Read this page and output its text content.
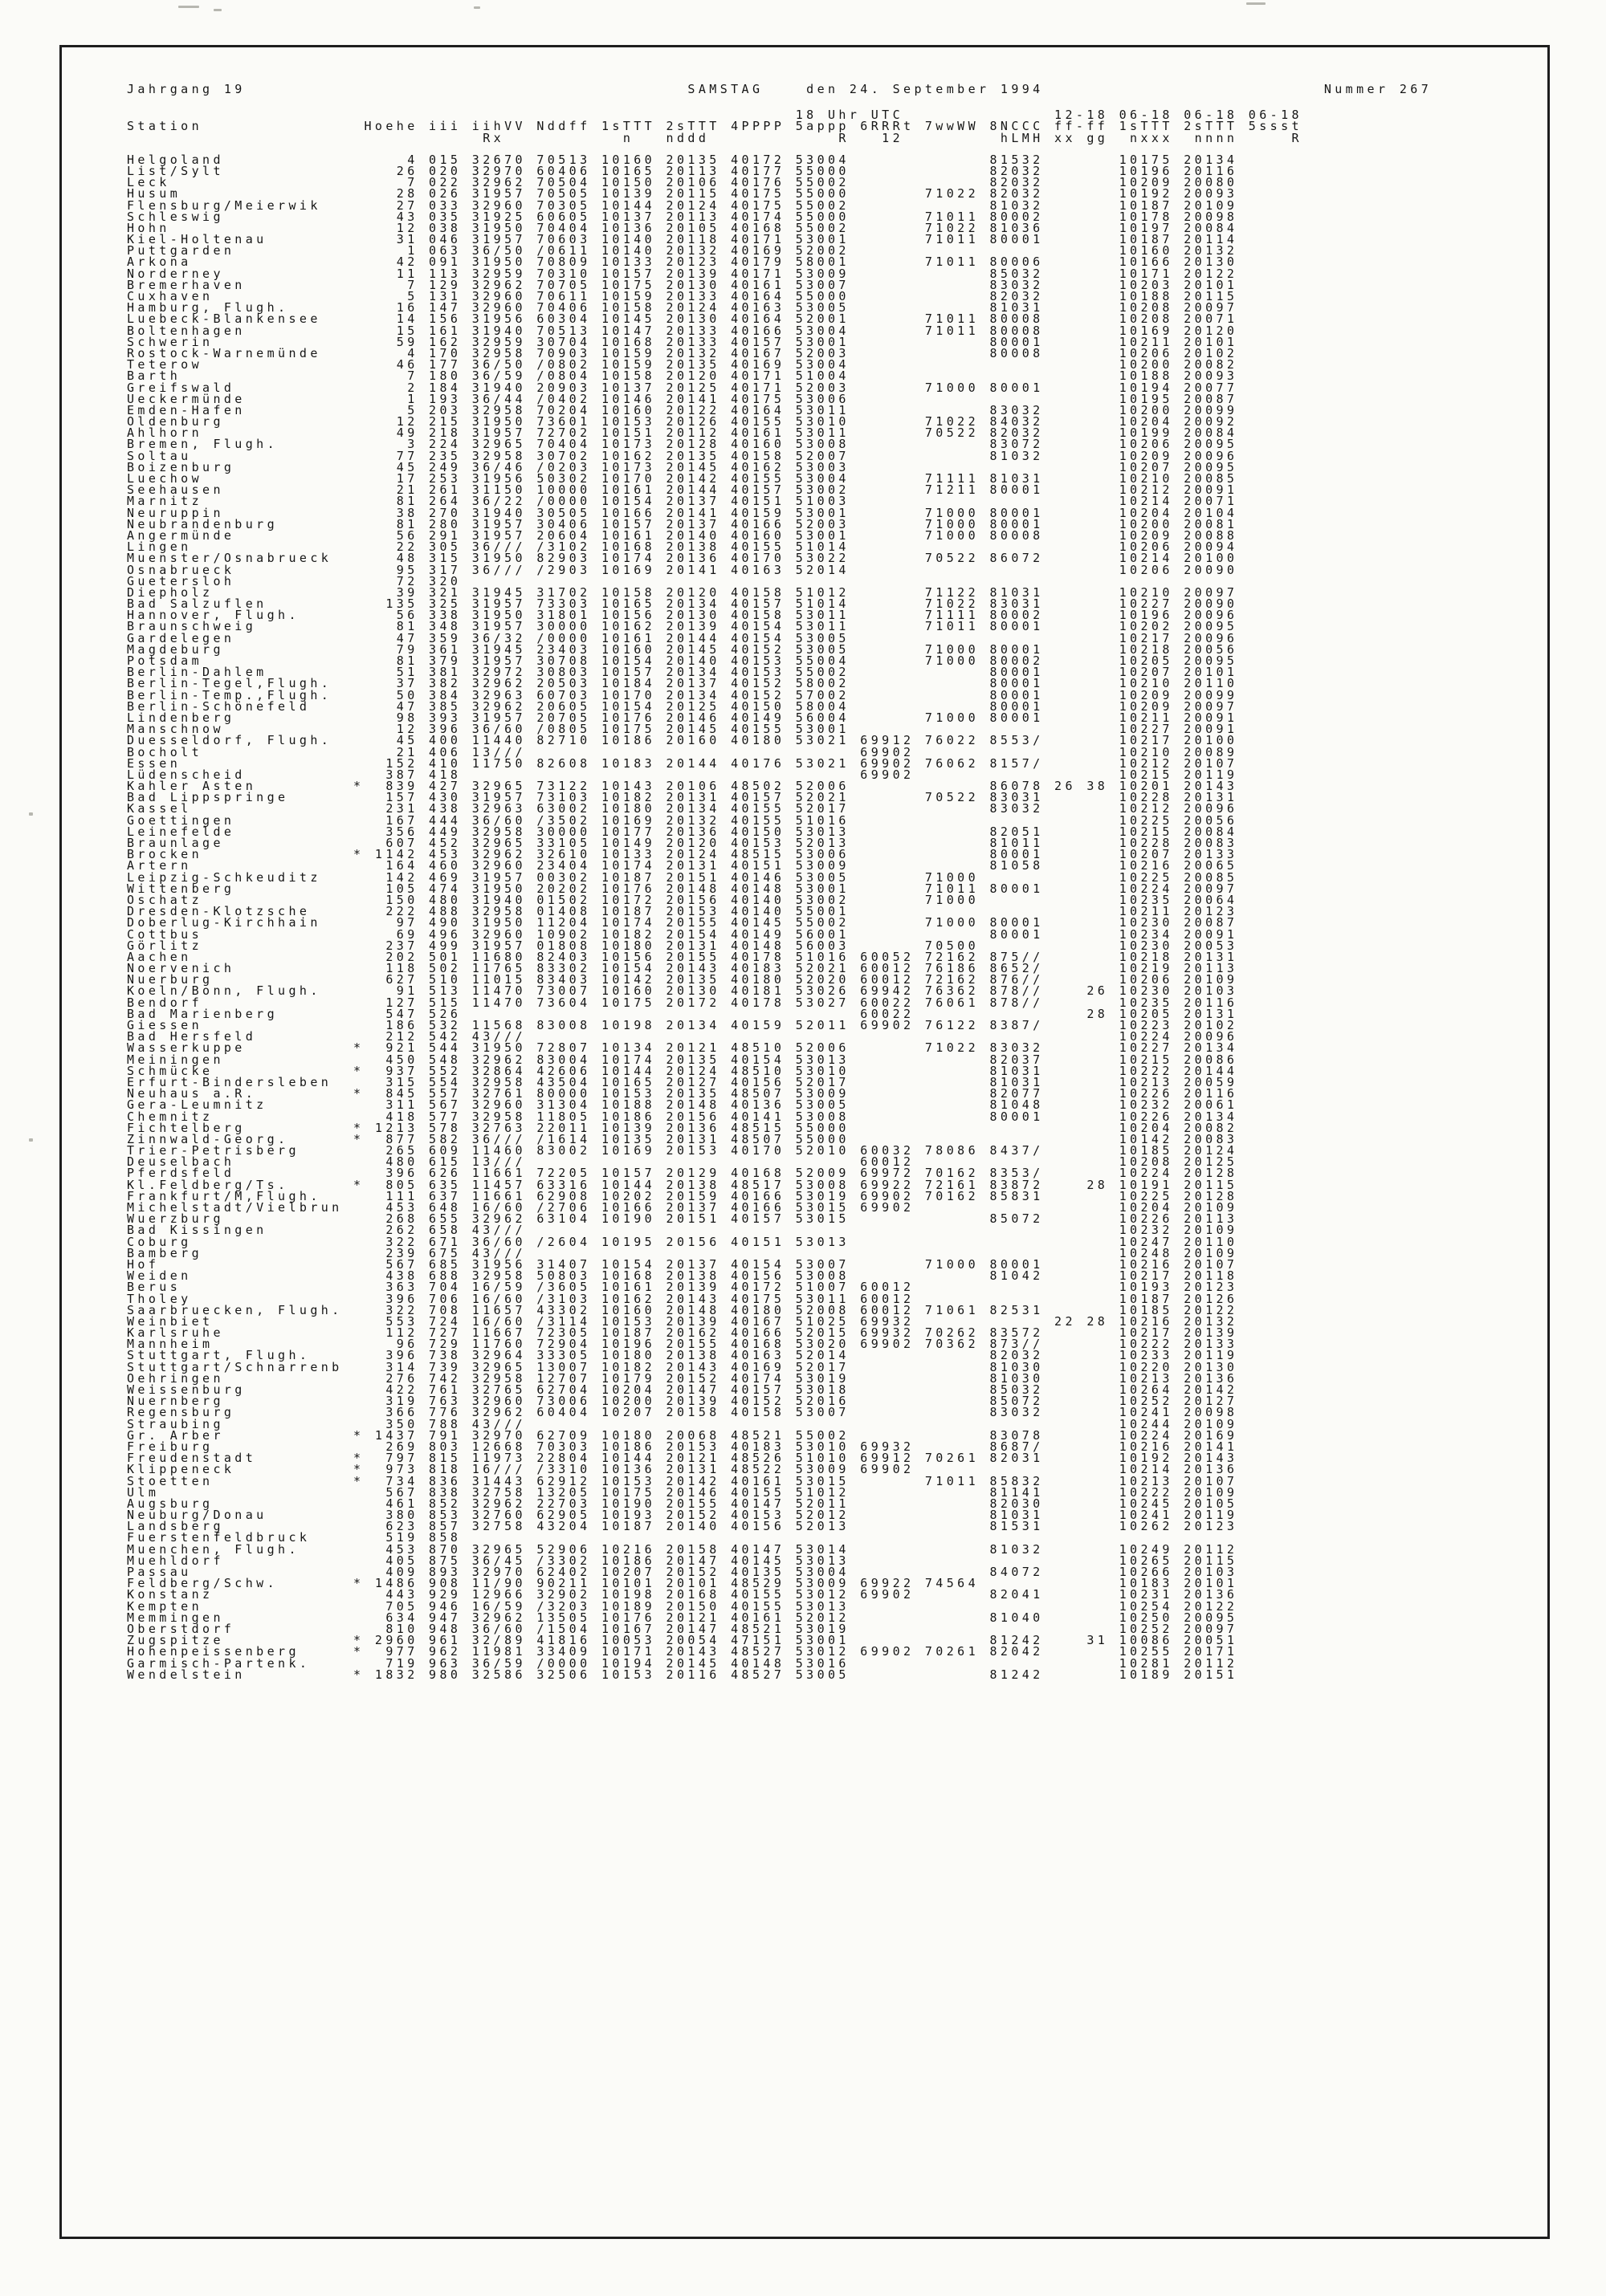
Jahrgang 19                                         SAMSTAG    den 24. September 1994                          Nummer 267
18 Uhr UTC              12-18 06-18 06-18 06-18
Station               Hoehe iii iihVV Nddff 1sTTT 2sTTT 4PPPP 5appp 6RRRt 7wwWW 8NCCC ff-ff 1sTTT 2sTTT 5ssst
Rx           n   nddd            R   12         hLMH xx gg  nxxx  nnnn     R
Helgoland                 4 015 32670 70513 10160 20135 40172 53004             81532       10175 20134
List/Sylt                26 020 32970 60406 10165 20113 40177 55000             82032       10196 20116
Leck                      7 022 32962 70504 10150 20106 40176 55002             82032       10209 20080
Husum                    28 026 31957 70505 10139 20115 40175 55000       71022 82032       10192 20093
Flensburg/Meierwik       27 033 32960 70305 10144 20124 40175 55002             81032       10187 20109
Schleswig                43 035 31925 60605 10137 20113 40174 55000       71011 80002       10178 20098
Hohn                     12 038 31950 70404 10136 20105 40168 55002       71022 81036       10197 20084
Kiel-Holtenau            31 046 31957 70603 10140 20118 40171 53001       71011 80001       10187 20114
Puttgarden                1 063 36/50 /0611 10140 20132 40169 52002                         10160 20132
Arkona                   42 091 31950 70809 10133 20123 40179 58001       71011 80006       10166 20130
Norderney                11 113 32959 70310 10157 20139 40171 53009             85032       10171 20122
Bremerhaven               7 129 32962 70705 10175 20130 40161 53007             83032       10203 20101
Cuxhaven                  5 131 32960 70611 10159 20133 40164 55000             82032       10188 20115
Hamburg, Flugh.          16 147 32960 70406 10158 20124 40163 53005             81031       10208 20097
Luebeck-Blankensee       14 156 31956 60304 10145 20130 40164 52001       71011 80008       10208 20071
Boltenhagen              15 161 31940 70513 10147 20133 40166 53004       71011 80008       10169 20120
Schwerin                 59 162 32959 30704 10168 20133 40157 53001             80001       10211 20101
Rostock-Warnemünde        4 170 32958 70903 10159 20132 40167 52003             80008       10206 20102
Teterow                  46 177 36/50 /0802 10159 20135 40169 53004                         10200 20082
Barth                     7 180 36/59 /0804 10158 20120 40171 51004                         10188 20093
Greifswald                2 184 31940 20903 10137 20125 40171 52003       71000 80001       10194 20077
Ueckermünde               1 193 36/44 /0402 10146 20141 40175 53006                         10195 20087
Emden-Hafen               5 203 32958 70204 10160 20122 40164 53011             83032       10200 20099
Oldenburg                12 215 31950 73601 10153 20126 40155 53010       71022 84032       10204 20092
Ahlhorn                  49 218 31957 72702 10151 20112 40161 53011       70522 82032       10199 20084
Bremen, Flugh.            3 224 32965 70404 10173 20128 40160 53008             83072       10206 20095
Soltau                   77 235 32958 30702 10162 20135 40158 52007             81032       10209 20096
Boizenburg               45 249 36/46 /0203 10173 20145 40162 53003                         10207 20095
Luechow                  17 253 31956 50302 10170 20142 40155 53004       71111 81031       10210 20085
Seehausen                21 261 31150 10000 10161 20144 40157 53002       71211 80001       10212 20091
Marnitz                  81 264 36/22 /0000 10154 20137 40151 51003                         10214 20071
Neuruppin                38 270 31940 30505 10166 20141 40159 53001       71000 80001       10204 20104
Neubrandenburg           81 280 31957 30406 10157 20137 40166 52003       71000 80001       10200 20081
Angermünde               56 291 31957 20604 10161 20140 40160 53001       71000 80008       10209 20088
Lingen                   22 305 36/// /3102 10168 20138 40155 51014                         10206 20094
Muenster/Osnabrueck      48 315 31950 82903 10174 20136 40170 53022       70522 86072       10214 20100
Osnabrueck               95 317 36/// /2903 10169 20141 40163 52014                         10206 20090
Guetersloh               72 320
Diepholz                 39 321 31945 31702 10158 20120 40158 51012       71122 81031       10210 20097
Bad Salzuflen           135 325 31957 73303 10165 20134 40157 51014       71022 83031       10227 20090
Hannover, Flugh.         56 338 31950 31801 10156 20130 40158 53011       71111 80002       10196 20096
Braunschweig             81 348 31957 30000 10162 20139 40154 53011       71011 80001       10202 20095
Gardelegen               47 359 36/32 /0000 10161 20144 40154 53005                         10217 20096
Magdeburg                79 361 31945 23403 10160 20145 40152 53005       71000 80001       10218 20056
Potsdam                  81 379 31957 30708 10154 20140 40153 55004       71000 80002       10205 20095
Berlin-Dahlem            51 381 32972 30803 10157 20134 40153 55002             80001       10207 20101
Berlin-Tegel,Flugh.      37 382 32962 20503 10184 20137 40152 58002             80001       10210 20110
Berlin-Temp.,Flugh.      50 384 32963 60703 10170 20134 40152 57002             80001       10209 20099
Berlin-Schönefeld        47 385 32962 20605 10154 20125 40150 58004             80001       10209 20097
Lindenberg               98 393 31957 20705 10176 20146 40149 56004       71000 80001       10211 20091
Manschnow                12 396 36/60 /0805 10175 20145 40155 53001                         10227 20091
Duesseldorf, Flugh.      45 400 11440 82710 10186 20160 40180 53021 69912 76022 8553/       10217 20100
Bocholt                  21 406 13///                               69902                   10210 20089
Essen                   152 410 11750 82608 10183 20144 40176 53021 69902 76062 8157/       10212 20107
Lüdenscheid             387 418                                     69902                   10215 20119
Kahler Asten         *  839 427 32965 73122 10143 20106 48502 52006             86078 26 38 10201 20143
Bad Lippspringe         157 430 31957 73103 10182 20131 40157 52021       70522 83031       10228 20131
Kassel                  231 438 32963 63002 10180 20134 40155 52017             83032       10212 20096
Goettingen              167 444 36/60 /3502 10169 20132 40155 51016                         10225 20056
Leinefelde              356 449 32958 30000 10177 20136 40150 53013             82051       10215 20084
Braunlage               607 452 32965 33105 10149 20120 40153 52013             81011       10228 20083
Brocken              * 1142 453 32962 32610 10133 20124 48515 53006             80001       10207 20133
Artern                  164 460 32960 23404 10174 20131 40151 53009             81058       10216 20065
Leipzig-Schkeuditz      142 469 31957 00302 10187 20151 40146 53005       71000             10225 20085
Wittenberg              105 474 31950 20202 10176 20148 40148 53001       71011 80001       10224 20097
Oschatz                 150 480 31940 01502 10172 20156 40140 53002       71000             10235 20064
Dresden-Klotzsche       222 488 32958 01408 10187 20153 40140 55001                         10211 20123
Doberlug-Kirchhain       97 490 31950 11204 10174 20155 40145 55002       71000 80001       10230 20087
Cottbus                  69 496 32960 10902 10182 20154 40149 56001             80001       10234 20091
Görlitz                 237 499 31957 01808 10180 20131 40148 56003       70500             10230 20053
Aachen                  202 501 11680 82403 10156 20155 40178 51016 60052 72162 875//       10218 20131
Noervenich              118 502 11765 83302 10154 20143 40183 52021 60012 76186 8652/       10219 20113
Nuerburg                627 510 11015 83403 10142 20135 40180 52020 60012 72162 876//       10206 20109
Koeln/Bonn, Flugh.       91 513 11470 73007 10160 20130 40181 53026 69942 76362 878//    26 10230 20103
Bendorf                 127 515 11470 73604 10175 20172 40178 53027 60022 76061 878//       10235 20116
Bad Marienberg          547 526                                     60022                28 10205 20131
Giessen                 186 532 11568 83008 10198 20134 40159 52011 69902 76122 8387/       10223 20102
Bad Hersfeld            212 542 43///                                                       10224 20096
Wasserkuppe          *  921 544 31950 72807 10134 20121 48510 52006       71022 83032       10227 20134
Meiningen               450 548 32962 83004 10174 20135 40154 53013             82037       10215 20086
Schmücke             *  937 552 32864 42606 10144 20124 48510 53010             81031       10222 20144
Erfurt-Bindersleben     315 554 32958 43504 10165 20127 40156 52017             81031       10213 20059
Neuhaus a.R.         *  845 557 32761 80000 10153 20135 48507 53009             82077       10226 20116
Gera-Leumnitz           311 567 32960 31304 10188 20148 40136 53005             81048       10232 20061
Chemnitz                418 577 32958 11805 10186 20156 40141 53008             80001       10226 20134
Fichtelberg          * 1213 578 32763 22011 10139 20136 48515 55000                         10204 20082
Zinnwald-Georg.      *  877 582 36/// /1614 10135 20131 48507 55000                         10142 20083
Trier-Petrisberg        265 609 11460 83002 10169 20153 40170 52010 60032 78086 8437/       10185 20124
Deuselbach              480 615 13///                               60012                   10208 20125
Pferdsfeld              396 626 11661 72205 10157 20129 40168 52009 69972 70162 8353/       10224 20128
Kl.Feldberg/Ts.      *  805 635 11457 63316 10144 20138 48517 53008 69922 72161 83872    28 10191 20115
Frankfurt/M,Flugh.      111 637 11661 62908 10202 20159 40166 53019 69902 70162 85831       10225 20128
Michelstadt/Vielbrun    453 648 16/60 /2706 10166 20137 40166 53015 69902                   10204 20109
Wuerzburg               268 655 32962 63104 10190 20151 40157 53015             85072       10226 20113
Bad Kissingen           262 658 43///                                                       10232 20109
Coburg                  322 671 36/60 /2604 10195 20156 40151 53013                         10247 20110
Bamberg                 239 675 43///                                                       10248 20109
Hof                     567 685 31956 31407 10154 20137 40154 53007       71000 80001       10216 20107
Weiden                  438 688 32958 50803 10168 20138 40156 53008             81042       10217 20118
Berus                   363 704 16/59 /3605 10161 20139 40172 51007 60012                   10193 20123
Tholey                  396 706 16/60 /3103 10162 20143 40175 53011 60012                   10187 20126
Saarbruecken, Flugh.    322 708 11657 43302 10160 20148 40180 52008 60012 71061 82531       10185 20122
Weinbiet                553 724 16/60 /3114 10153 20139 40167 51025 69932             22 28 10216 20132
Karlsruhe               112 727 11667 72305 10187 20162 40166 52015 69932 70262 83572       10217 20139
Mannheim                 96 729 11760 72904 10196 20155 40168 53020 69902 70362 873//       10222 20133
Stuttgart, Flugh.       396 738 32964 33305 10180 20138 40163 52014             82032       10233 20119
Stuttgart/Schnarrenb    314 739 32965 13007 10182 20143 40169 52017             81030       10220 20130
Oehringen               276 742 32958 12707 10179 20152 40174 53019             81030       10213 20136
Weissenburg             422 761 32765 62704 10204 20147 40157 53018             85032       10264 20142
Nuernberg               319 763 32960 73006 10200 20139 40152 52016             85072       10252 20127
Regensburg              366 776 32962 60404 10207 20158 40158 53007             83032       10241 20098
Straubing               350 788 43///                                                       10244 20109
Gr. Arber            * 1437 791 32970 62709 10180 20068 48521 55002             83078       10224 20169
Freiburg                269 803 12668 70303 10186 20153 40183 53010 69932       8687/       10216 20141
Freudenstadt         *  797 815 11973 22804 10144 20121 48526 51010 69912 70261 82031       10192 20143
Klippeneck           *  973 818 16/// /3310 10136 20131 48522 53009 69902                   10214 20136
Stoetten             *  734 836 31443 62912 10153 20142 40161 53015       71011 85832       10213 20107
Ulm                     567 838 32758 13205 10175 20146 40155 51012             81141       10222 20109
Augsburg                461 852 32962 22703 10190 20155 40147 52011             82030       10245 20105
Neuburg/Donau           380 853 32760 62905 10193 20152 40153 52012             81031       10241 20119
Landsberg               623 857 32758 43204 10187 20140 40156 52013             81531       10262 20123
Fuerstenfeldbruck       519 858
Muenchen, Flugh.        453 870 32965 52906 10216 20158 40147 53014             81032       10249 20112
Muehldorf               405 875 36/45 /3302 10186 20147 40145 53013                         10265 20115
Passau                  409 893 32970 62402 10207 20152 40135 53004             84072       10266 20103
Feldberg/Schw.       * 1486 908 11/90 90211 10101 20101 48529 53009 69922 74564             10183 20101
Konstanz                443 929 12966 32902 10198 20168 40155 53012 69902       82041       10231 20136
Kempten                 705 946 16/59 /3203 10189 20150 40155 53013                         10254 20122
Memmingen               634 947 32962 13505 10176 20121 40161 52012             81040       10250 20095
Oberstdorf              810 948 36/60 /1504 10167 20147 48521 53019                         10252 20097
Zugspitze            * 2960 961 32/89 41816 10053 20054 47151 53001             81242    31 10086 20051
Hohenpeissenberg     *  977 962 11981 33409 10171 20143 48527 53012 69902 70261 82042       10255 20171
Garmisch-Partenk.       719 963 36/59 /0000 10194 20145 40148 53016                         10281 20112
Wendelstein          * 1832 980 32586 32506 10153 20116 48527 53005             81242       10189 20151
